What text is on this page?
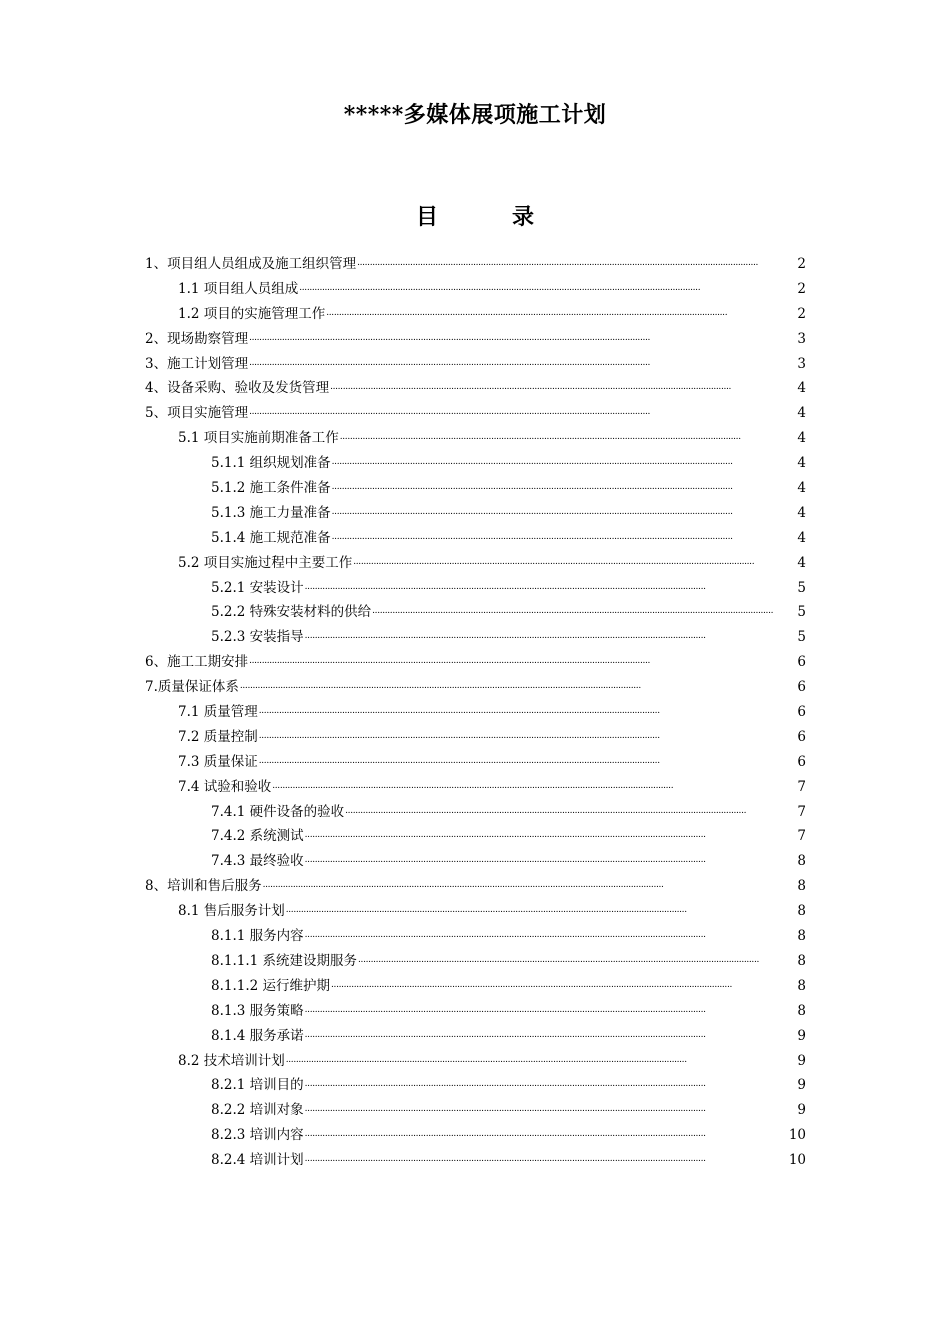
*****多媒体展项施工计划
目　录
1、项目组人员组成及施工组织管理 . . .	2
1.1 项目组人员组成 . . .	2
1.2 项目的实施管理工作 . . .	2
2、现场勘察管理 . . .	3
3、施工计划管理 . . .	3
4、设备采购、验收及发货管理 . . .	4
5、项目实施管理 . . .	4
5.1 项目实施前期准备工作 . . .	4
5.1.1 组织规划准备 . . .	4
5.1.2 施工条件准备 . . .	4
5.1.3 施工力量准备 . . .	4
5.1.4 施工规范准备 . . .	4
5.2 项目实施过程中主要工作 . . .	4
5.2.1 安装设计 . . .	5
5.2.2 特殊安装材料的供给 . . .	5
5.2.3 安装指导 . . .	5
6、施工工期安排 . . .	6
7.质量保证体系 . . .	6
7.1 质量管理 . . .	6
7.2 质量控制 . . .	6
7.3 质量保证 . . .	6
7.4 试验和验收 . . .	7
7.4.1 硬件设备的验收 . . .	7
7.4.2 系统测试 . . .	7
7.4.3 最终验收 . . .	8
8、培训和售后服务 . . .	8
8.1 售后服务计划 . . .	8
8.1.1 服务内容 . . .	8
8.1.1.1 系统建设期服务 . . .	8
8.1.1.2 运行维护期 . . .	8
8.1.3 服务策略 . . .	8
8.1.4 服务承诺 . . .	9
8.2 技术培训计划 . . .	9
8.2.1 培训目的 . . .	9
8.2.2 培训对象 . . .	9
8.2.3 培训内容 . . .	10
8.2.4 培训计划 . . .	10
